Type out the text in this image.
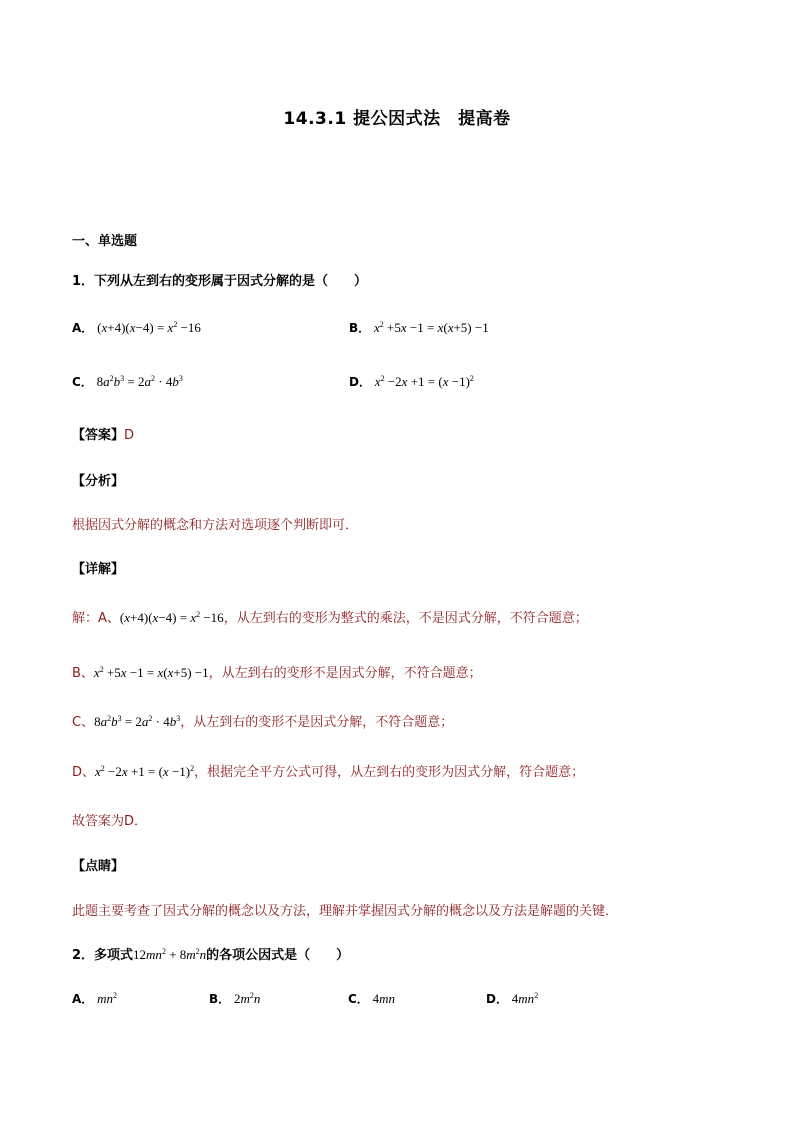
14.3.1 提公因式法　提高卷
一、单选题
1．下列从左到右的变形属于因式分解的是（　　）
A． $(x+4)(x-4) = x^2 -16$	B． $x^2 +5x -1 = x(x+5) -1$
C． $8a^2b^3 = 2a^2 \cdot 4b^3$	D． $x^2 -2x +1 = (x -1)^2$
【答案】D
【分析】
根据因式分解的概念和方法对选项逐个判断即可．
【详解】
解：A、$(x+4)(x-4) = x^2 -16$，从左到右的变形为整式的乘法，不是因式分解，不符合题意；
B、$x^2 +5x -1 = x(x+5) -1$，从左到右的变形不是因式分解，不符合题意；
C、$8a^2b^3 = 2a^2 \cdot 4b^3$，从左到右的变形不是因式分解，不符合题意；
D、$x^2 -2x +1 = (x -1)^2$，根据完全平方公式可得，从左到右的变形为因式分解，符合题意；
故答案为D．
【点睛】
此题主要考查了因式分解的概念以及方法，理解并掌握因式分解的概念以及方法是解题的关键．
2．多项式$12mn^2 + 8m^2n$的各项公因式是（　　）
A． $mn^2$	B． $2m^2n$	C． 4mn	D． $4mn^2$
